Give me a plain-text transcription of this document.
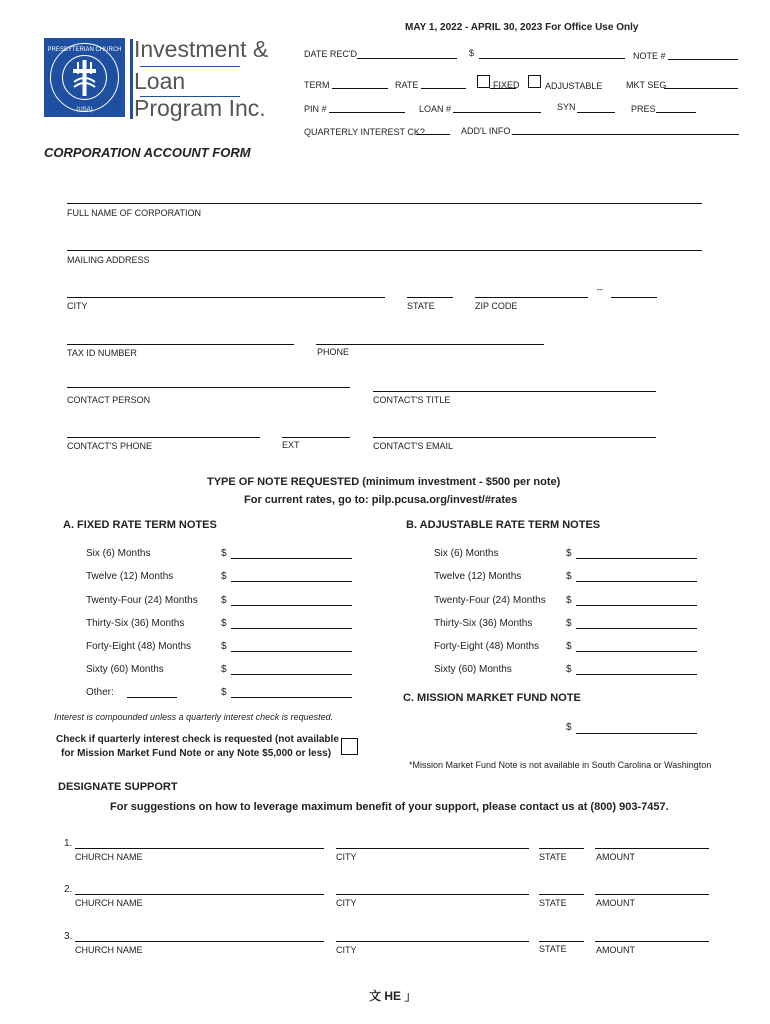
MAY 1, 2022 - APRIL 30, 2023 For Office Use Only
PRESBYTERIAN CHURCH
(USA)
Investment &
Loan
Program Inc.
DATE REC'D	$	NOTE #
TERM	RATE	FIXED	ADJUSTABLE	MKT SEG
PIN #	LOAN #	SYN	PRES
QUARTERLY INTEREST CK?	ADD'L INFO
CORPORATION ACCOUNT FORM
FULL NAME OF CORPORATION
MAILING ADDRESS
CITY	STATE	ZIP CODE
_
TAX ID NUMBER	PHONE
CONTACT PERSON	CONTACT'S TITLE
CONTACT'S PHONE	EXT	CONTACT'S EMAIL
TYPE OF NOTE REQUESTED (minimum investment - $500 per note)
For current rates, go to: pilp.pcusa.org/invest/#rates
A. FIXED RATE TERM NOTES	B. ADJUSTABLE RATE TERM NOTES
Six (6) Months	$
Twelve (12) Months	$
Twenty-Four (24) Months $
Thirty-Six (36) Months	$
Forty-Eight (48) Months	$
Sixty (60) Months	$
Other:	$
Six (6) Months	$
Twelve (12) Months	$
Twenty-Four (24) Months $
Thirty-Six (36) Months	$
Forty-Eight (48) Months	$
Sixty (60) Months	$
C. MISSION MARKET FUND NOTE
$
*Mission Market Fund Note is not available in South Carolina or Washington
Interest is compounded unless a quarterly interest check is requested.
Check if quarterly interest check is requested (not available
for Mission Market Fund Note or any Note $5,000 or less)
DESIGNATE SUPPORT
For suggestions on how to leverage maximum benefit of your support, please contact us at (800) 903-7457.
1.
CHURCH NAME	CITY	STATE	AMOUNT
2.
CHURCH NAME	CITY	STATE	AMOUNT
3.
CHURCH NAME	CITY	STATE	AMOUNT
文 HE 」
